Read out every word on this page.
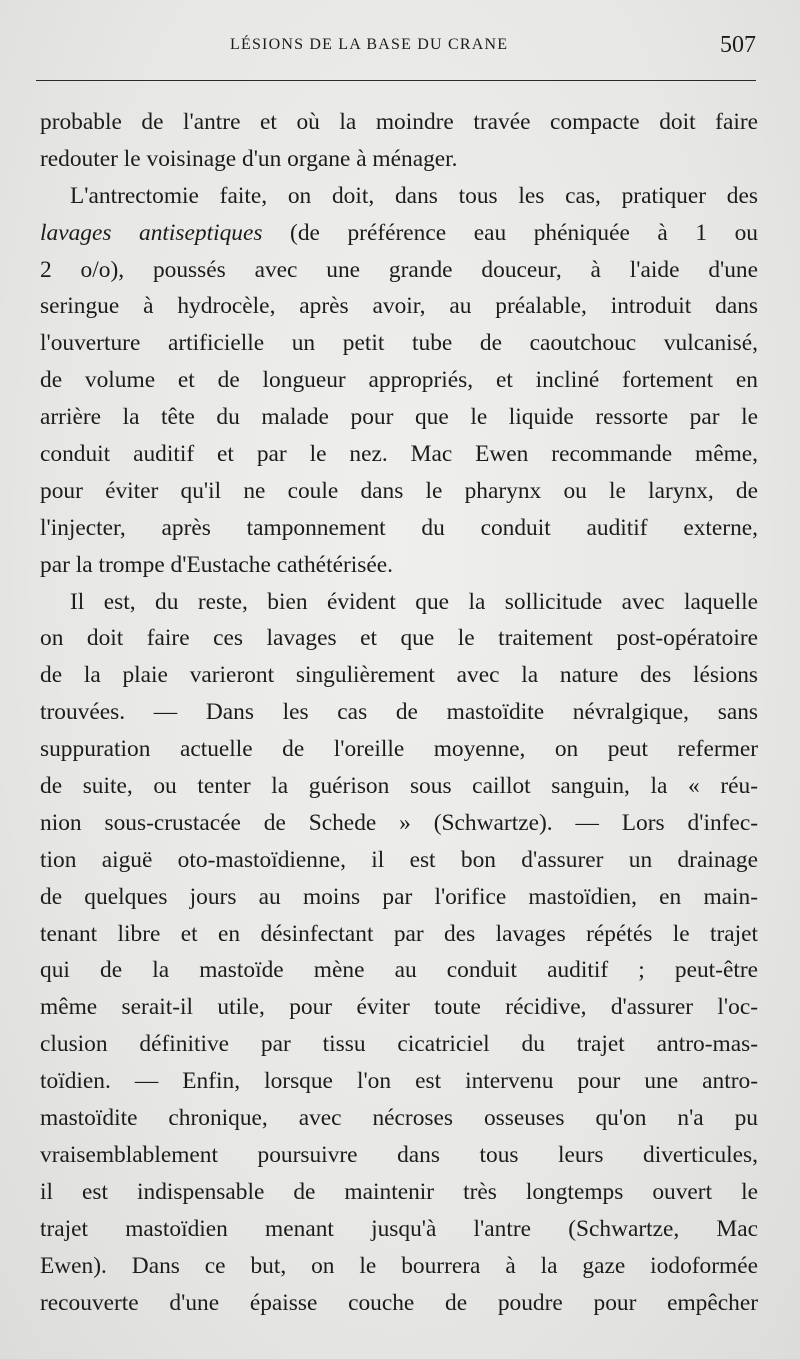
LÉSIONS DE LA BASE DU CRANE	507
probable de l'antre et où la moindre travée compacte doit faire
redouter le voisinage d'un organe à ménager.
L'antrectomie faite, on doit, dans tous les cas, pratiquer des
lavages antiseptiques (de préférence eau phéniquée à 1 ou
2 o/o), poussés avec une grande douceur, à l'aide d'une
seringue à hydrocèle, après avoir, au préalable, introduit dans
l'ouverture artificielle un petit tube de caoutchouc vulcanisé,
de volume et de longueur appropriés, et incliné fortement en
arrière la tête du malade pour que le liquide ressorte par le
conduit auditif et par le nez. Mac Ewen recommande même,
pour éviter qu'il ne coule dans le pharynx ou le larynx, de
l'injecter, après tamponnement du conduit auditif externe,
par la trompe d'Eustache cathétérisée.
Il est, du reste, bien évident que la sollicitude avec laquelle
on doit faire ces lavages et que le traitement post-opératoire
de la plaie varieront singulièrement avec la nature des lésions
trouvées. — Dans les cas de mastoïdite névralgique, sans
suppuration actuelle de l'oreille moyenne, on peut refermer
de suite, ou tenter la guérison sous caillot sanguin, la « réu-
nion sous-crustacée de Schede » (Schwartze). — Lors d'infec-
tion aiguë oto-mastoïdienne, il est bon d'assurer un drainage
de quelques jours au moins par l'orifice mastoïdien, en main-
tenant libre et en désinfectant par des lavages répétés le trajet
qui de la mastoïde mène au conduit auditif ; peut-être
même serait-il utile, pour éviter toute récidive, d'assurer l'oc-
clusion définitive par tissu cicatriciel du trajet antro-mas-
toïdien. — Enfin, lorsque l'on est intervenu pour une antro-
mastoïdite chronique, avec nécroses osseuses qu'on n'a pu
vraisemblablement poursuivre dans tous leurs diverticules,
il est indispensable de maintenir très longtemps ouvert le
trajet mastoïdien menant jusqu'à l'antre (Schwartze, Mac
Ewen). Dans ce but, on le bourrera à la gaze iodoformée
recouverte d'une épaisse couche de poudre pour empêcher
